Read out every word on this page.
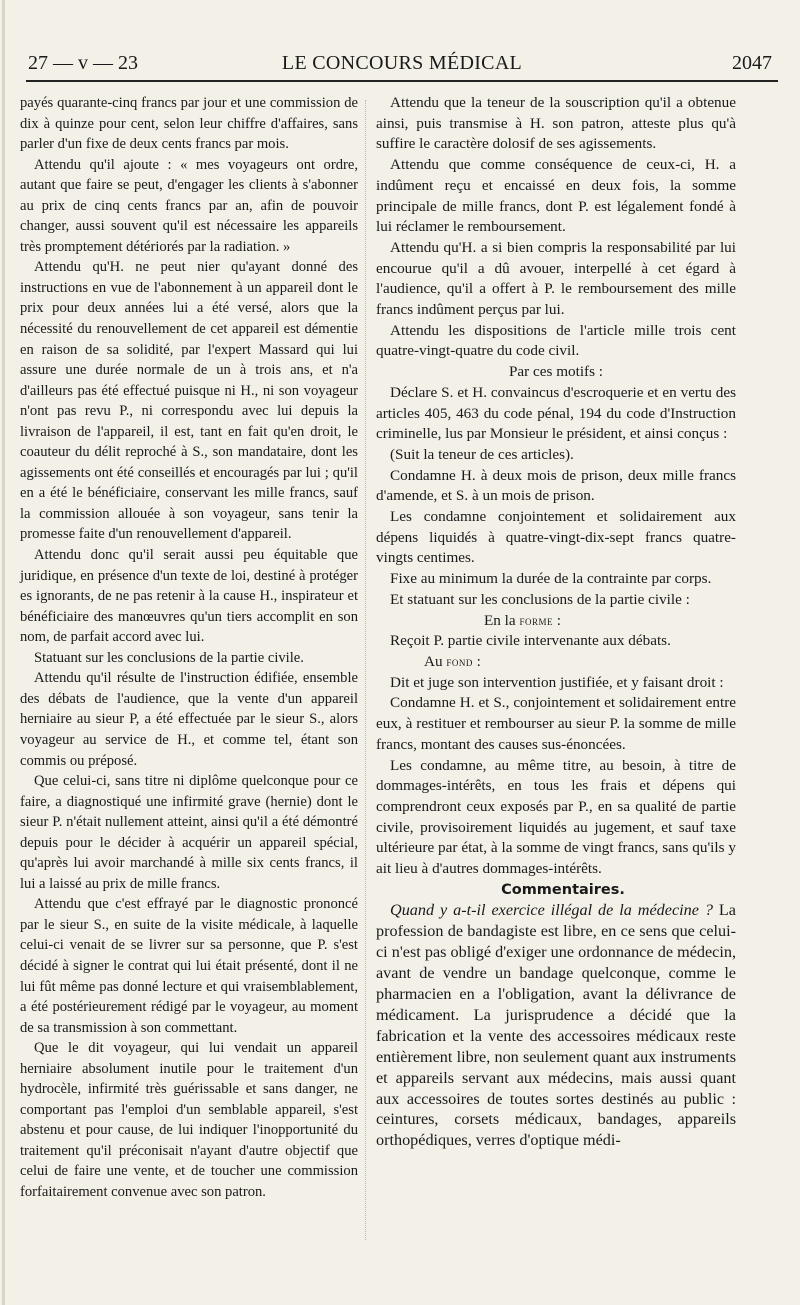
27 — v — 23	LE CONCOURS MÉDICAL	2047

payés quarante-cinq francs par jour et une commission de dix à quinze pour cent, selon leur chiffre d'affaires, sans parler d'un fixe de deux cents francs par mois.

Attendu qu'il ajoute : « mes voyageurs ont ordre, autant que faire se peut, d'engager les clients à s'abonner au prix de cinq cents francs par an, afin de pouvoir changer, aussi souvent qu'il est nécessaire les appareils très promptement détériorés par la radiation. »

Attendu qu'H. ne peut nier qu'ayant donné des instructions en vue de l'abonnement à un appareil dont le prix pour deux années lui a été versé, alors que la nécessité du renouvellement de cet appareil est démentie en raison de sa solidité, par l'expert Massard qui lui assure une durée normale de un à trois ans, et n'a d'ailleurs pas été effectué puisque ni H., ni son voyageur n'ont pas revu P., ni correspondu avec lui depuis la livraison de l'appareil, il est, tant en fait qu'en droit, le coauteur du délit reproché à S., son mandataire, dont les agissements ont été conseillés et encouragés par lui ; qu'il en a été le bénéficiaire, conservant les mille francs, sauf la commission allouée à son voyageur, sans tenir la promesse faite d'un renouvellement d'appareil.

Attendu donc qu'il serait aussi peu équitable que juridique, en présence d'un texte de loi, destiné à protéger es ignorants, de ne pas retenir à la cause H., inspirateur et bénéficiaire des manœuvres qu'un tiers accomplit en son nom, de parfait accord avec lui.

Statuant sur les conclusions de la partie civile.

Attendu qu'il résulte de l'instruction édifiée, ensemble des débats de l'audience, que la vente d'un appareil herniaire au sieur P, a été effectuée par le sieur S., alors voyageur au service de H., et comme tel, étant son commis ou préposé.

Que celui-ci, sans titre ni diplôme quelconque pour ce faire, a diagnostiqué une infirmité grave (hernie) dont le sieur P. n'était nullement atteint, ainsi qu'il a été démontré depuis pour le décider à acquérir un appareil spécial, qu'après lui avoir marchandé à mille six cents francs, il lui a laissé au prix de mille francs.

Attendu que c'est effrayé par le diagnostic prononcé par le sieur S., en suite de la visite médicale, à laquelle celui-ci venait de se livrer sur sa personne, que P. s'est décidé à signer le contrat qui lui était présenté, dont il ne lui fût même pas donné lecture et qui vraisemblablement, a été postérieurement rédigé par le voyageur, au moment de sa transmission à son commettant.

Que le dit voyageur, qui lui vendait un appareil herniaire absolument inutile pour le traitement d'un hydrocèle, infirmité très guérissable et sans danger, ne comportant pas l'emploi d'un semblable appareil, s'est abstenu et pour cause, de lui indiquer l'inopportunité du traitement qu'il préconisait n'ayant d'autre objectif que celui de faire une vente, et de toucher une commission forfaitairement convenue avec son patron.

Attendu que la teneur de la souscription qu'il a obtenue ainsi, puis transmise à H. son patron, atteste plus qu'à suffire le caractère dolosif de ses agissements.

Attendu que comme conséquence de ceux-ci, H. a indûment reçu et encaissé en deux fois, la somme principale de mille francs, dont P. est légalement fondé à lui réclamer le remboursement.

Attendu qu'H. a si bien compris la responsabilité par lui encourue qu'il a dû avouer, interpellé à cet égard à l'audience, qu'il a offert à P. le remboursement des mille francs indûment perçus par lui.

Attendu les dispositions de l'article mille trois cent quatre-vingt-quatre du code civil.

Par ces motifs :

Déclare S. et H. convaincus d'escroquerie et en vertu des articles 405, 463 du code pénal, 194 du code d'Instruction criminelle, lus par Monsieur le président, et ainsi conçus :

(Suit la teneur de ces articles).

Condamne H. à deux mois de prison, deux mille francs d'amende, et S. à un mois de prison.

Les condamne conjointement et solidairement aux dépens liquidés à quatre-vingt-dix-sept francs quatre-vingts centimes.

Fixe au minimum la durée de la contrainte par corps.

Et statuant sur les conclusions de la partie civile :

En la forme :

Reçoit P. partie civile intervenante aux débats.

Au fond :

Dit et juge son intervention justifiée, et y faisant droit :

Condamne H. et S., conjointement et solidairement entre eux, à restituer et rembourser au sieur P. la somme de mille francs, montant des causes sus-énoncées.

Les condamne, au même titre, au besoin, à titre de dommages-intérêts, en tous les frais et dépens qui comprendront ceux exposés par P., en sa qualité de partie civile, provisoirement liquidés au jugement, et sauf taxe ultérieure par état, à la somme de vingt francs, sans qu'ils y ait lieu à d'autres dommages-intérêts.

Commentaires.

Quand y a-t-il exercice illégal de la médecine ? La profession de bandagiste est libre, en ce sens que celui-ci n'est pas obligé d'exiger une ordonnance de médecin, avant de vendre un bandage quelconque, comme le pharmacien en a l'obligation, avant la délivrance de médicament. La jurisprudence a décidé que la fabrication et la vente des accessoires médicaux reste entièrement libre, non seulement quant aux instruments et appareils servant aux médecins, mais aussi quant aux accessoires de toutes sortes destinés au public : ceintures, corsets médicaux, bandages, appareils orthopédiques, verres d'optique médi-
